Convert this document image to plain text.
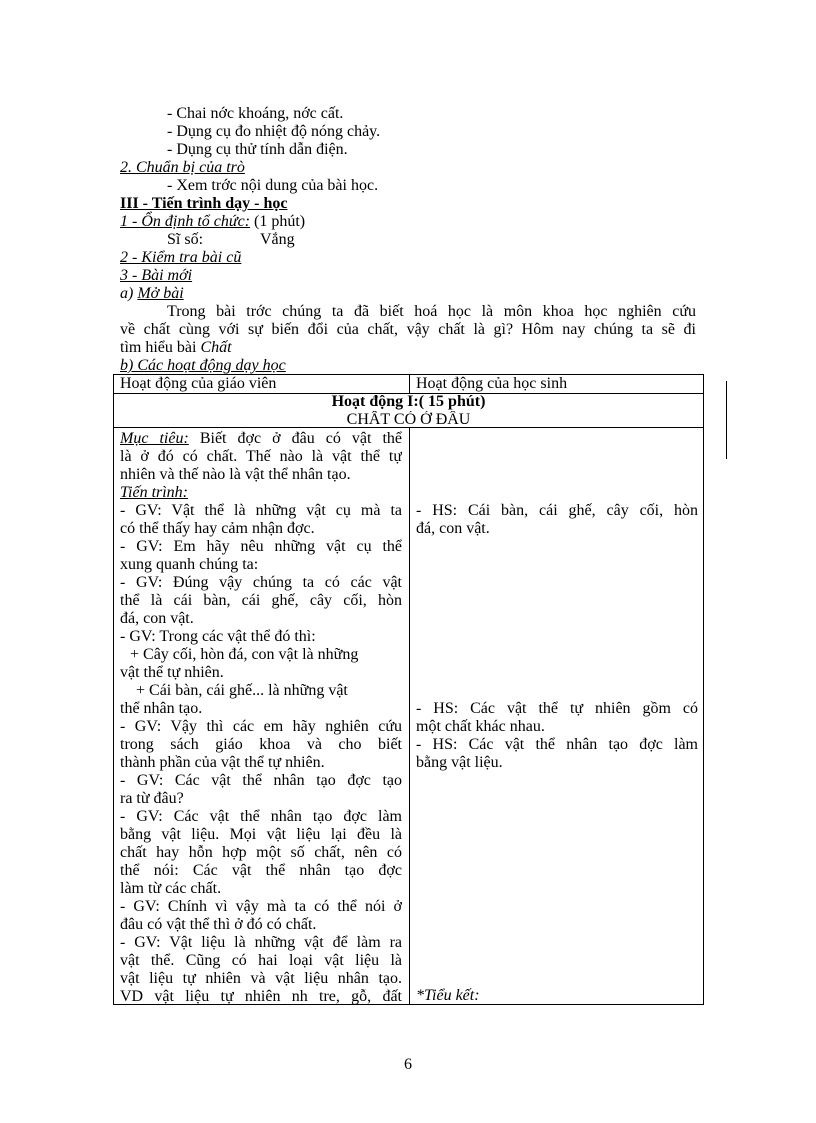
- Chai nớc khoáng, nớc cất.
- Dụng cụ đo nhiệt độ nóng chảy.
- Dụng cụ thử tính dẫn điện.
2. Chuẩn bị của trò
- Xem trớc nội dung của bài học.
III - Tiến trình dạy - học
1 - Ổn định tổ chức: (1 phút)
Sĩ số:	Vắng
2 - Kiểm tra bài cũ
3 - Bài mới
a) Mở bài
Trong bài trớc chúng ta đã biết hoá học là môn khoa học nghiên cứu
về chất cùng với sự biến đổi của chất, vậy chất là gì? Hôm nay chúng ta sẽ đi
tìm hiểu bài Chất
b) Các hoạt động dạy học
Hoạt động của giáo viên	Hoạt động của học sinh
Hoạt động I:( 15 phút)
CHẤT CÓ Ở ĐÂU
Mục tiêu: Biết đợc ở đâu có vật thể
là ở đó có chất. Thế nào là vật thể tự
nhiên và thế nào là vật thể nhân tạo.
Tiến trình:
- GV: Vật thể là những vật cụ mà ta
có thể thấy hay cảm nhận đợc.
- GV: Em hãy nêu những vật cụ thể
xung quanh chúng ta:
- GV: Đúng vậy chúng ta có các vật
thể là cái bàn, cái ghế, cây cối, hòn
đá, con vật.
- GV: Trong các vật thể đó thì:
+ Cây cối, hòn đá, con vật là những
vật thể tự nhiên.
+ Cái bàn, cái ghế... là những vật
thể nhân tạo.
- GV: Vậy thì các em hãy nghiên cứu
trong sách giáo khoa và cho biết
thành phần của vật thể tự nhiên.
- GV: Các vật thể nhân tạo đợc tạo
ra từ đâu?
- GV: Các vật thể nhân tạo đợc làm
bằng vật liệu. Mọi vật liệu lại đều là
chất hay hỗn hợp một số chất, nên có
thể nói: Các vật thể nhân tạo đợc
làm từ các chất.
- GV: Chính vì vậy mà ta có thể nói ở
đâu có vật thể thì ở đó có chất.
- GV: Vật liệu là những vật để làm ra
vật thể. Cũng có hai loại vật liệu là
vật liệu tự nhiên và vật liệu nhân tạo.
VD vật liệu tự nhiên nh tre, gỗ, đất
- HS: Cái bàn, cái ghế, cây cối, hòn
đá, con vật.
- HS: Các vật thể tự nhiên gồm có
một chất khác nhau.
- HS: Các vật thể nhân tạo đợc làm
bằng vật liệu.
*Tiểu kết:
6
